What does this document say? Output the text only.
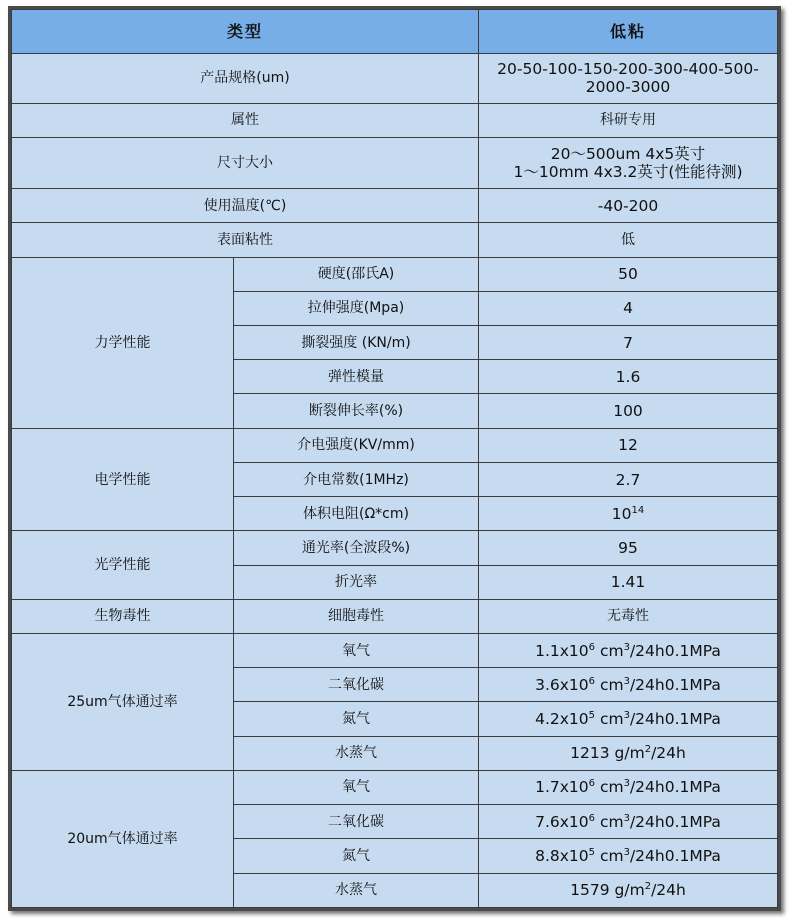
类型		低粘
产品规格(um)		20-50-100-150-200-300-400-500-
2000-3000
属性		科研专用
尺寸大小		20～500um 4x5英寸
1～10mm 4x3.2英寸(性能待测)
使用温度(℃)		-40-200
表面粘性		低
力学性能	硬度(邵氏A)	50
	拉伸强度(Mpa)	4
	撕裂强度 (KN/m)	7
	弹性模量	1.6
	断裂伸长率(%)	100
电学性能	介电强度(KV/mm)	12
	介电常数(1MHz)	2.7
	体积电阻(Ω*cm)	$10^{14}$
光学性能	通光率(全波段%)	95
	折光率	1.41
生物毒性	细胞毒性	无毒性
25um气体通过率	氧气	$1.1x10^6$ $cm^3/24h0.1MPa$
	二氧化碳	$3.6x10^6$ $cm^3/24h0.1MPa$
	氮气	$4.2x10^5$ $cm^3/24h0.1MPa$
	水蒸气	1213 $g/m^2/24h$
20um气体通过率	氧气	$1.7x10^6$ $cm^3/24h0.1MPa$
	二氧化碳	$7.6x10^6$ $cm^3/24h0.1MPa$
	氮气	$8.8x10^5$ $cm^3/24h0.1MPa$
	水蒸气	1579 $g/m^2/24h$
